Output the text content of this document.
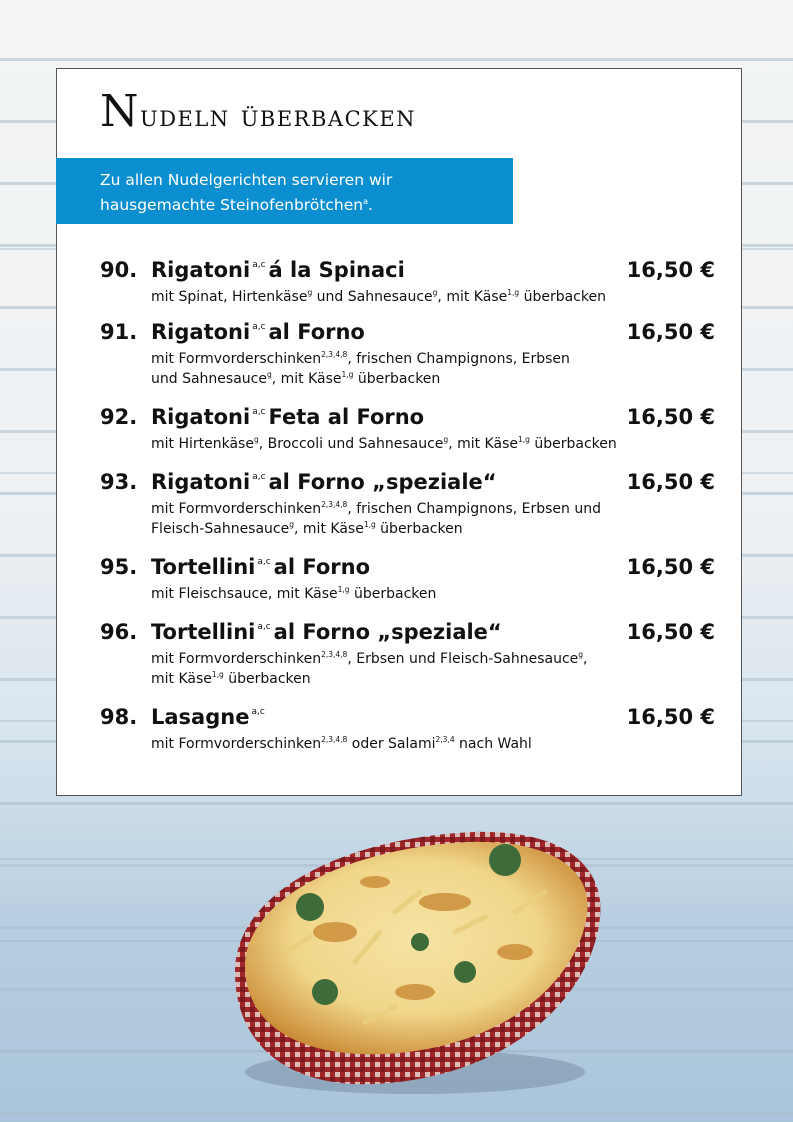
Nudeln überbacken
Zu allen Nudelgerichten servieren wir
hausgemachte Steinofenbrötchen$^a$.
90. Rigatoni $^{a,c}$ á la Spinaci	16,50 €
mit Spinat, Hirtenkäse$^g$ und Sahnesauce$^g$, mit Käse$^{1,g}$ überbacken
91. Rigatoni $^{a,c}$ al Forno	16,50 €
mit Formvorderschinken$^{2,3,4,8}$, frischen Champignons, Erbsen
und Sahnesauce$^g$, mit Käse$^{1,g}$ überbacken
92. Rigatoni $^{a,c}$ Feta al Forno	16,50 €
mit Hirtenkäse$^g$, Broccoli und Sahnesauce$^g$, mit Käse$^{1,g}$ überbacken
93. Rigatoni $^{a,c}$ al Forno „speziale“	16,50 €
mit Formvorderschinken$^{2,3,4,8}$, frischen Champignons, Erbsen und
Fleisch-Sahnesauce$^g$, mit Käse$^{1,g}$ überbacken
95. Tortellini $^{a,c}$ al Forno	16,50 €
mit Fleischsauce, mit Käse$^{1,g}$ überbacken
96. Tortellini $^{a,c}$ al Forno „speziale“	16,50 €
mit Formvorderschinken$^{2,3,4,8}$, Erbsen und Fleisch-Sahnesauce$^g$,
mit Käse$^{1,g}$ überbacken
98. Lasagne $^{a,c}$	16,50 €
mit Formvorderschinken$^{2,3,4,8}$ oder Salami$^{2,3,4}$ nach Wahl
